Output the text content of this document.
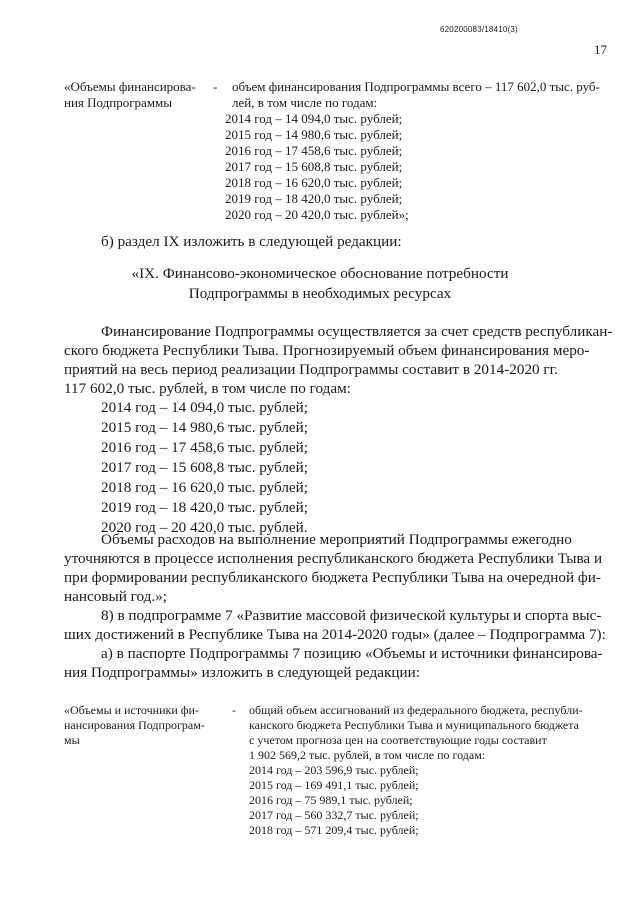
620200083/18410(3)
17
«Объемы финансирова-
ния Подпрограммы
- объем финансирования Подпрограммы всего – 117 602,0 тыс. руб-
лей, в том числе по годам:
2014 год – 14 094,0 тыс. рублей;
2015 год – 14 980,6 тыс. рублей;
2016 год – 17 458,6 тыс. рублей;
2017 год – 15 608,8 тыс. рублей;
2018 год – 16 620,0 тыс. рублей;
2019 год – 18 420,0 тыс. рублей;
2020 год – 20 420,0 тыс. рублей»;
б) раздел IX изложить в следующей редакции:
«IX. Финансово-экономическое обоснование потребности
Подпрограммы в необходимых ресурсах
Финансирование Подпрограммы осуществляется за счет средств республикан-
ского бюджета Республики Тыва. Прогнозируемый объем финансирования меро-
приятий на весь период реализации Подпрограммы составит в 2014-2020 гг.
117 602,0 тыс. рублей, в том числе по годам:
2014 год – 14 094,0 тыс. рублей;
2015 год – 14 980,6 тыс. рублей;
2016 год – 17 458,6 тыс. рублей;
2017 год – 15 608,8 тыс. рублей;
2018 год – 16 620,0 тыс. рублей;
2019 год – 18 420,0 тыс. рублей;
2020 год – 20 420,0 тыс. рублей.
Объемы расходов на выполнение мероприятий Подпрограммы ежегодно
уточняются в процессе исполнения республиканского бюджета Республики Тыва и
при формировании республиканского бюджета Республики Тыва на очередной фи-
нансовый год.»;
8) в подпрограмме 7 «Развитие массовой физической культуры и спорта выс-
ших достижений в Республике Тыва на 2014-2020 годы» (далее – Подпрограмма 7):
а) в паспорте Подпрограммы 7 позицию «Объемы и источники финансирова-
ния Подпрограммы» изложить в следующей редакции:
«Объемы и источники фи-
нансирования Подпрограм-
мы
- общий объем ассигнований из федерального бюджета, республи-
канского бюджета Республики Тыва и муниципального бюджета
с учетом прогноза цен на соответствующие годы составит
1 902 569,2 тыс. рублей, в том числе по годам:
2014 год – 203 596,9 тыс. рублей;
2015 год – 169 491,1 тыс. рублей;
2016 год – 75 989,1 тыс. рублей;
2017 год – 560 332,7 тыс. рублей;
2018 год – 571 209,4 тыс. рублей;
